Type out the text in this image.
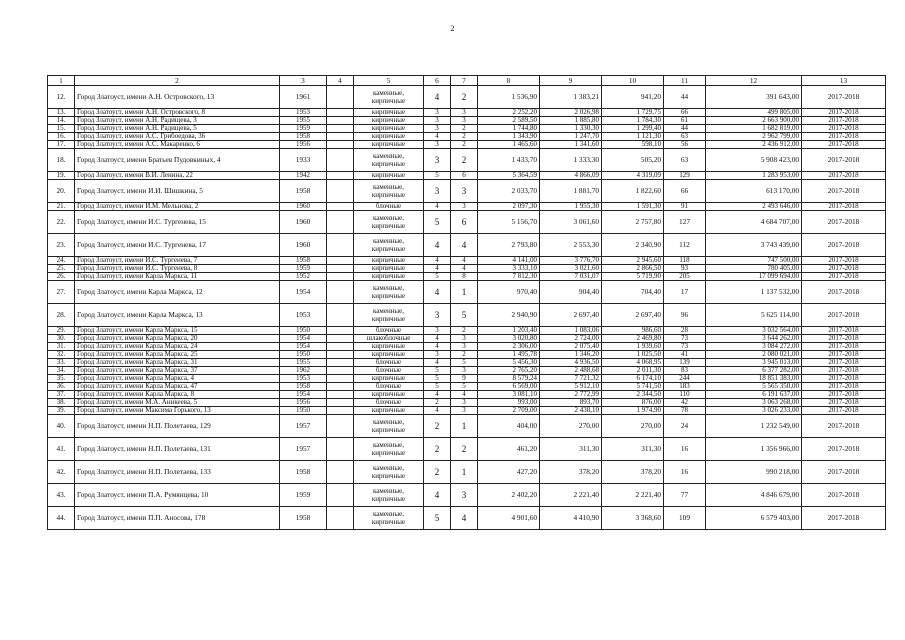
2
1	2	3	4	5	6	7	8	9	10	11	12	13
12.	Город Златоуст, имени А.Н. Островского, 13	1961		каменные, кирпичные	4	2	1 536,90	1 383,21	941,20	44	391 643,00	2017-2018
13.	Город Златоуст, имени А.Н. Островского, 8	1953		кирпичные	3	3	2 252,20	2 026,98	1 729,75	66	499 805,00	2017-2018
14.	Город Златоуст, имени А.Н. Радищева, 3	1955		кирпичные	3	3	2 589,50	1 885,80	1 784,30	61	2 663 900,00	2017-2018
15.	Город Златоуст, имени А.Н. Радищева, 5	1959		кирпичные	3	2	1 744,80	1 330,30	1 299,40	44	1 682 819,00	2017-2018
16.	Город Златоуст, имени А.С. Грибоедова, 36	1958		кирпичные	4	2	1 343,90	1 247,70	1 121,30	63	2 962 799,00	2017-2018
17.	Город Златоуст, имени А.С. Макаренко, 6	1956		кирпичные	3	2	1 465,60	1 341,60	598,10	56	2 436 912,00	2017-2018
18.	Город Златоуст, имени Братьев Пудовкиных, 4	1933		каменные, кирпичные	3	2	1 433,70	1 333,30	505,20	63	5 908 423,00	2017-2018
19.	Город Златоуст, имени В.И. Ленина, 22	1942		кирпичные	5	6	5 364,59	4 866,09	4 319,09	129	1 283 953,00	2017-2018
20.	Город Златоуст, имени И.И. Шишкина, 5	1958		каменные, кирпичные	3	3	2 033,70	1 881,70	1 822,60	66	613 170,00	2017-2018
21.	Город Златоуст, имени И.М. Мельнова, 2	1960		блочные	4	3	2 097,30	1 955,30	1 591,30	91	2 493 646,00	2017-2018
22.	Город Златоуст, имени И.С. Тургенева, 15	1960		каменные, кирпичные	5	6	5 156,70	3 061,60	2 757,80	127	4 684 707,00	2017-2018
23.	Город Златоуст, имени И.С. Тургенева, 17	1960		каменные, кирпичные	4	4	2 793,80	2 553,30	2 340,90	112	3 743 439,00	2017-2018
24.	Город Златоуст, имени И.С. Тургенева, 7	1958		кирпичные	4	4	4 141,00	3 776,70	2 945,60	118	747 500,00	2017-2018
25.	Город Златоуст, имени И.С. Тургенева, 8	1959		кирпичные	4	4	3 333,10	3 021,60	2 866,50	93	780 405,00	2017-2018
26.	Город Златоуст, имени Карла Маркса, 11	1952		кирпичные	5	8	7 812,30	7 031,07	5 719,90	205	17 099 694,00	2017-2018
27.	Город Златоуст, имени Карла Маркса, 12	1954		каменные, кирпичные	4	1	970,40	904,40	704,40	17	1 137 532,00	2017-2018
28.	Город Златоуст, имени Карла Маркса, 13	1953		каменные, кирпичные	3	5	2 940,90	2 697,40	2 697,40	96	5 625 114,00	2017-2018
29.	Город Златоуст, имени Карла Маркса, 15	1950		блочные	3	2	1 203,40	1 083,06	986,60	28	3 032 564,00	2017-2018
30.	Город Златоуст, имени Карла Маркса, 20	1954		шлакоблочные	4	3	3 020,80	2 724,00	2 469,80	73	3 644 262,00	2017-2018
31.	Город Златоуст, имени Карла Маркса, 24	1954		кирпичные	4	3	2 306,00	2 075,40	1 939,60	73	3 084 272,00	2017-2018
32.	Город Златоуст, имени Карла Маркса, 25	1950		кирпичные	3	2	1 495,78	1 346,20	1 025,50	41	2 080 021,00	2017-2018
33.	Город Златоуст, имени Карла Маркса, 31	1955		блочные	4	5	5 456,30	4 936,50	4 068,95	139	3 945 013,00	2017-2018
34.	Город Златоуст, имени Карла Маркса, 37	1962		блочные	5	3	2 765,20	2 488,68	2 011,30	83	6 377 282,00	2017-2018
35.	Город Златоуст, имени Карла Маркса, 4	1953		кирпичные	5	9	8 579,24	7 721,32	6 174,10	244	18 851 383,00	2017-2018
36.	Город Златоуст, имени Карла Маркса, 47	1958		блочные	5	5	6 569,00	5 912,10	5 741,50	183	5 565 350,00	2017-2018
37.	Город Златоуст, имени Карла Маркса, 8	1954		кирпичные	4	4	3 081,10	2 772,99	2 344,50	110	6 191 637,00	2017-2018
38.	Город Златоуст, имени М.А. Аникеева, 5	1956		блочные	2	3	993,00	893,70	876,00	42	3 063 268,00	2017-2018
39.	Город Златоуст, имени Максима Горького, 13	1950		кирпичные	4	3	2 709,00	2 438,10	1 974,90	78	3 026 233,00	2017-2018
40.	Город Златоуст, имени Н.П. Полетаева, 129	1957		каменные, кирпичные	2	1	404,00	270,00	270,00	24	1 232 549,00	2017-2018
41.	Город Златоуст, имени Н.П. Полетаева, 131	1957		каменные, кирпичные	2	2	461,20	311,30	311,30	16	1 356 966,00	2017-2018
42.	Город Златоуст, имени Н.П. Полетаева, 133	1958		каменные, кирпичные	2	1	427,20	378,20	378,20	16	990 218,00	2017-2018
43.	Город Златоуст, имени П.А. Румянцева, 10	1959		каменные, кирпичные	4	3	2 402,20	2 221,40	2 221,40	77	4 846 679,00	2017-2018
44.	Город Златоуст, имени П.П. Аносова, 178	1958		каменные, кирпичные	5	4	4 901,60	4 410,90	3 368,60	109	6 579 403,00	2017-2018
